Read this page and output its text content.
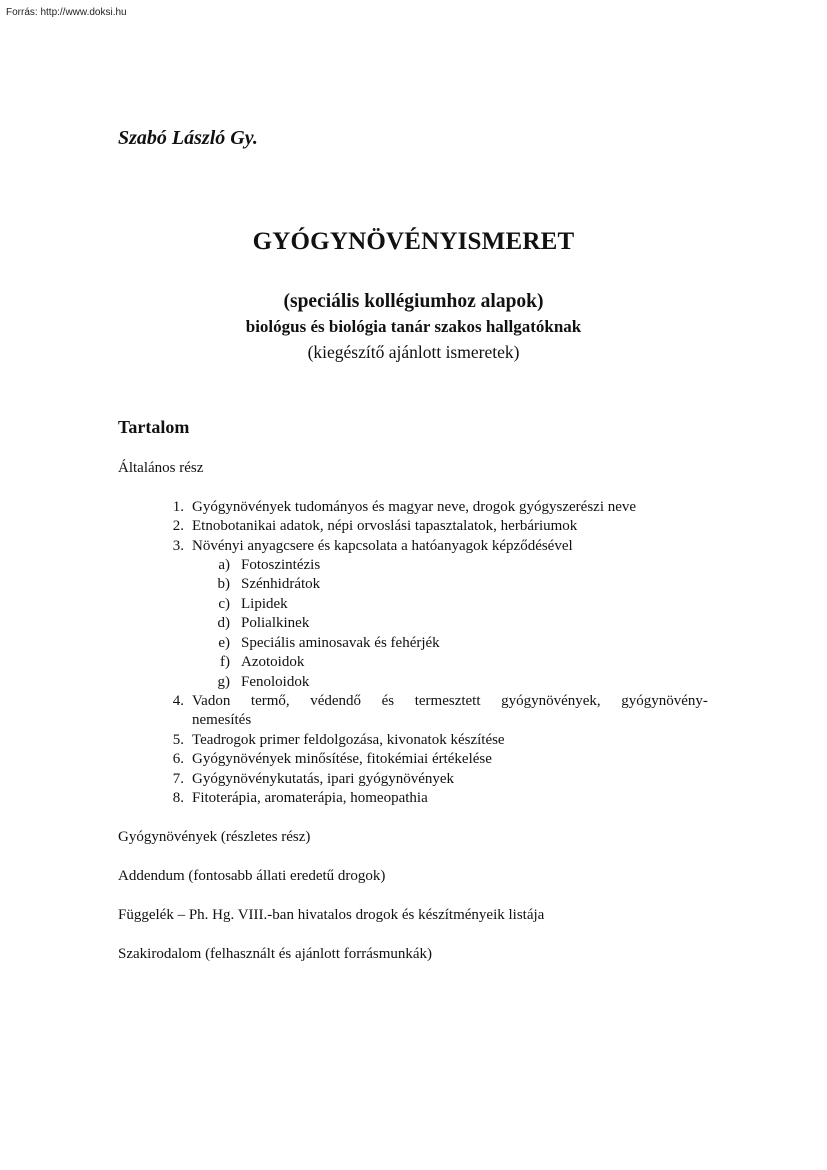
Forrás: http://www.doksi.hu
Szabó László Gy.
GYÓGYNÖVÉNYISMERET
(speciális kollégiumhoz alapok)
biológus és biológia tanár szakos hallgatóknak
(kiegészítő ajánlott ismeretek)
Tartalom
Általános rész
1. Gyógynövények tudományos és magyar neve, drogok gyógyszerészi neve
2. Etnobotanikai adatok, népi orvoslási tapasztalatok, herbáriumok
3. Növényi anyagcsere és kapcsolata a hatóanyagok képződésével
a) Fotoszintézis
b) Szénhidrátok
c) Lipidek
d) Polialkinek
e) Speciális aminosavak és fehérjék
f) Azotoidok
g) Fenoloidok
4. Vadon termő, védendő és termesztett gyógynövények, gyógynövény-
nemesítés
5. Teadrogok primer feldolgozása, kivonatok készítése
6. Gyógynövények minősítése, fitokémiai értékelése
7. Gyógynövénykutatás, ipari gyógynövények
8. Fitoterápia, aromaterápia, homeopathia
Gyógynövények (részletes rész)
Addendum (fontosabb állati eredetű drogok)
Függelék – Ph. Hg. VIII.-ban hivatalos drogok és készítményeik listája
Szakirodalom (felhasznált és ajánlott forrásmunkák)
